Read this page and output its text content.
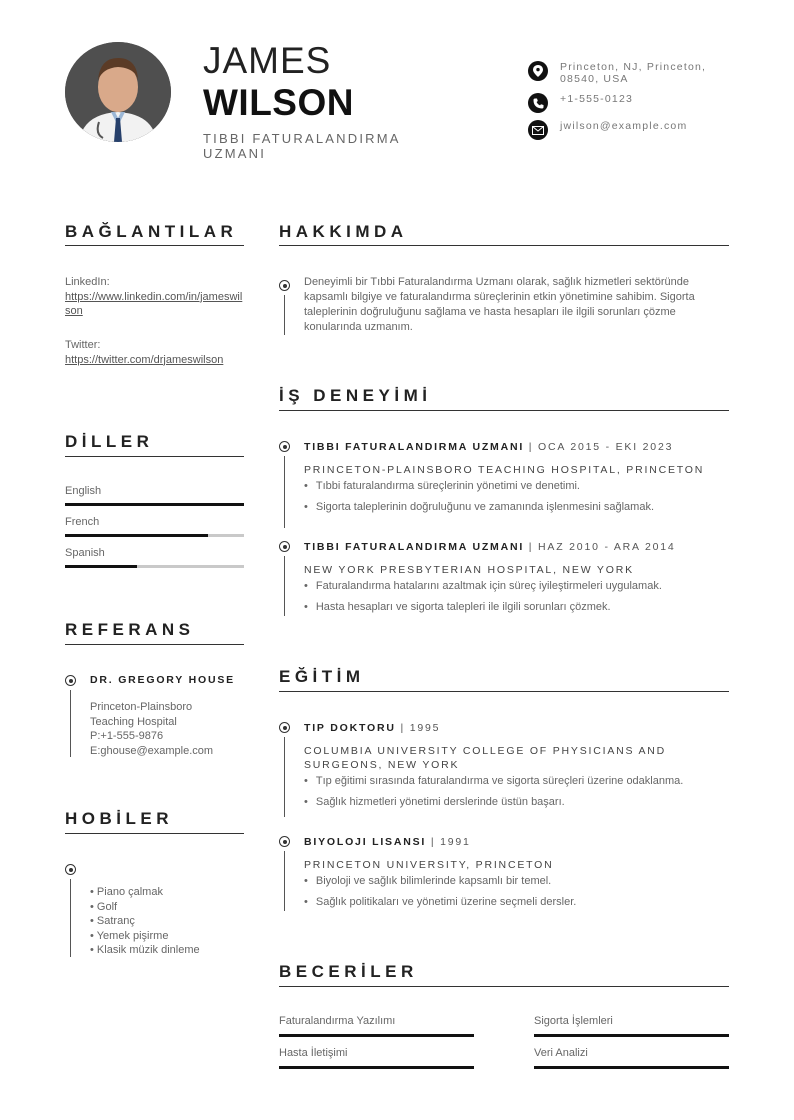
JAMES
WILSON
TIBBI FATURALANDIRMA UZMANI
Princeton, NJ, Princeton, 08540, USA
+1-555-0123
jwilson@example.com
BAĞLANTILAR
LinkedIn:
https://www.linkedin.com/in/jameswilson
Twitter:
https://twitter.com/drjameswilson
DİLLER
English
French
Spanish
REFERANS
DR. GREGORY HOUSE
Princeton-Plainsboro
Teaching Hospital
P:+1-555-9876
E:ghouse@example.com
HOBİLER
• Piano çalmak
• Golf
• Satranç
• Yemek pişirme
• Klasik müzik dinleme
HAKKIMDA
Deneyimli bir Tıbbi Faturalandırma Uzmanı olarak, sağlık hizmetleri sektöründe kapsamlı bilgiye ve faturalandırma süreçlerinin etkin yönetimine sahibim. Sigorta taleplerinin doğruluğunu sağlama ve hasta hesapları ile ilgili sorunları çözme konularında uzmanım.
İŞ DENEYİMİ
TIBBI FATURALANDIRMA UZMANI | OCA 2015 - EKI 2023
PRINCETON-PLAINSBORO TEACHING HOSPITAL, PRINCETON
• Tıbbi faturalandırma süreçlerinin yönetimi ve denetimi.
• Sigorta taleplerinin doğruluğunu ve zamanında işlenmesini sağlamak.
TIBBI FATURALANDIRMA UZMANI | HAZ 2010 - ARA 2014
NEW YORK PRESBYTERIAN HOSPITAL, NEW YORK
• Faturalandırma hatalarını azaltmak için süreç iyileştirmeleri uygulamak.
• Hasta hesapları ve sigorta talepleri ile ilgili sorunları çözmek.
EĞİTİM
TIP DOKTORU | 1995
COLUMBIA UNIVERSITY COLLEGE OF PHYSICIANS AND SURGEONS, NEW YORK
• Tıp eğitimi sırasında faturalandırma ve sigorta süreçleri üzerine odaklanma.
• Sağlık hizmetleri yönetimi derslerinde üstün başarı.
BIYOLOJI LISANSI | 1991
PRINCETON UNIVERSITY, PRINCETON
• Biyoloji ve sağlık bilimlerinde kapsamlı bir temel.
• Sağlık politikaları ve yönetimi üzerine seçmeli dersler.
BECERİLER
Faturalandırma Yazılımı	Sigorta İşlemleri
Hasta İletişimi	Veri Analizi
